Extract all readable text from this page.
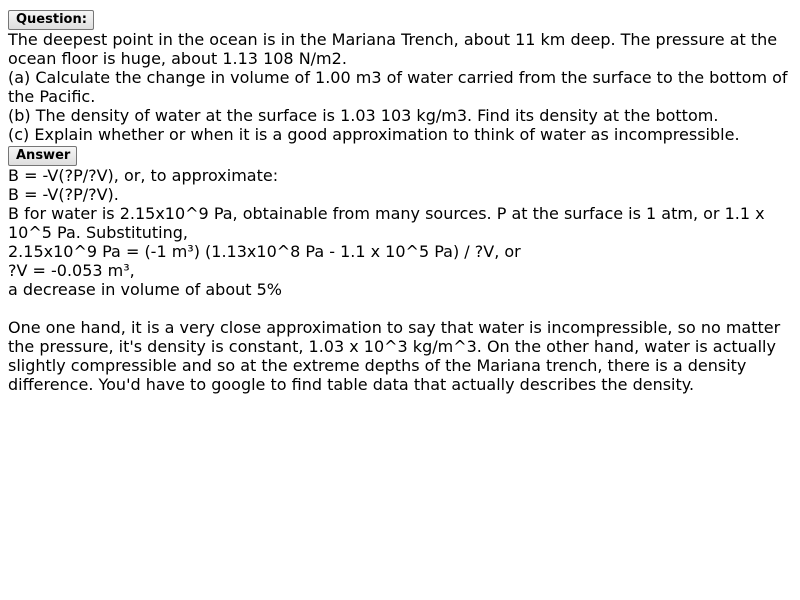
Question:
The deepest point in the ocean is in the Mariana Trench, about 11 km deep. The pressure at the ocean floor is huge, about 1.13 108 N/m2.
(a) Calculate the change in volume of 1.00 m3 of water carried from the surface to the bottom of the Pacific.
(b) The density of water at the surface is 1.03 103 kg/m3. Find its density at the bottom.
(c) Explain whether or when it is a good approximation to think of water as incompressible.
Answer
B = -V(?P/?V), or, to approximate:
B = -V(?P/?V).
B for water is 2.15x10^9 Pa, obtainable from many sources. P at the surface is 1 atm, or 1.1 x 10^5 Pa. Substituting,
2.15x10^9 Pa = (-1 m³) (1.13x10^8 Pa - 1.1 x 10^5 Pa) / ?V, or
?V = -0.053 m³,
a decrease in volume of about 5%
One one hand, it is a very close approximation to say that water is incompressible, so no matter the pressure, it's density is constant, 1.03 x 10^3 kg/m^3. On the other hand, water is actually slightly compressible and so at the extreme depths of the Mariana trench, there is a density difference. You'd have to google to find table data that actually describes the density.
